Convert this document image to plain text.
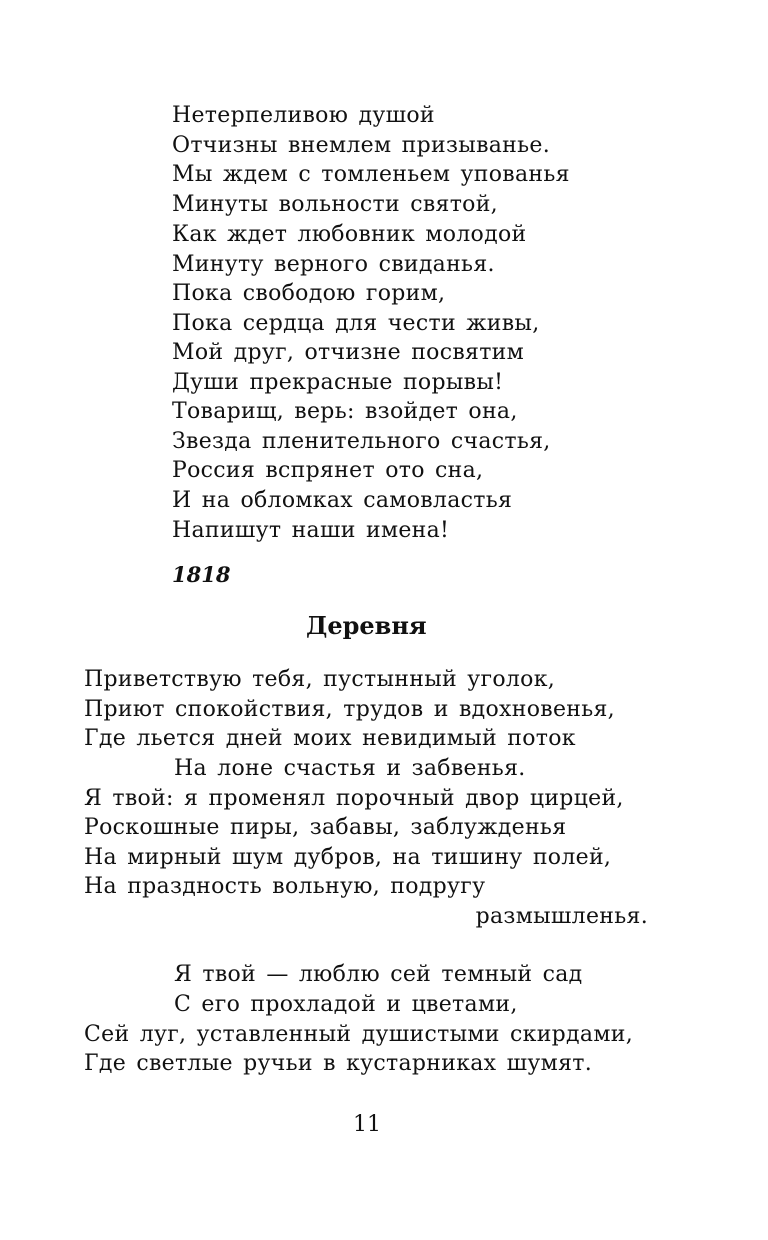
Нетерпеливою душой
Отчизны внемлем призыванье.
Мы ждем с томленьем упованья
Минуты вольности святой,
Как ждет любовник молодой
Минуту верного свиданья.
Пока свободою горим,
Пока сердца для чести живы,
Мой друг, отчизне посвятим
Души прекрасные порывы!
Товарищ, верь: взойдет она,
Звезда пленительного счастья,
Россия вспрянет ото сна,
И на обломках самовластья
Напишут наши имена!
1818
Деревня
Приветствую тебя, пустынный уголок,
Приют спокойствия, трудов и вдохновенья,
Где льется дней моих невидимый поток
На лоне счастья и забвенья.
Я твой: я променял порочный двор цирцей,
Роскошные пиры, забавы, заблужденья
На мирный шум дубров, на тишину полей,
На праздность вольную, подругу
размышленья.
Я твой — люблю сей темный сад
С его прохладой и цветами,
Сей луг, уставленный душистыми скирдами,
Где светлые ручьи в кустарниках шумят.
11
